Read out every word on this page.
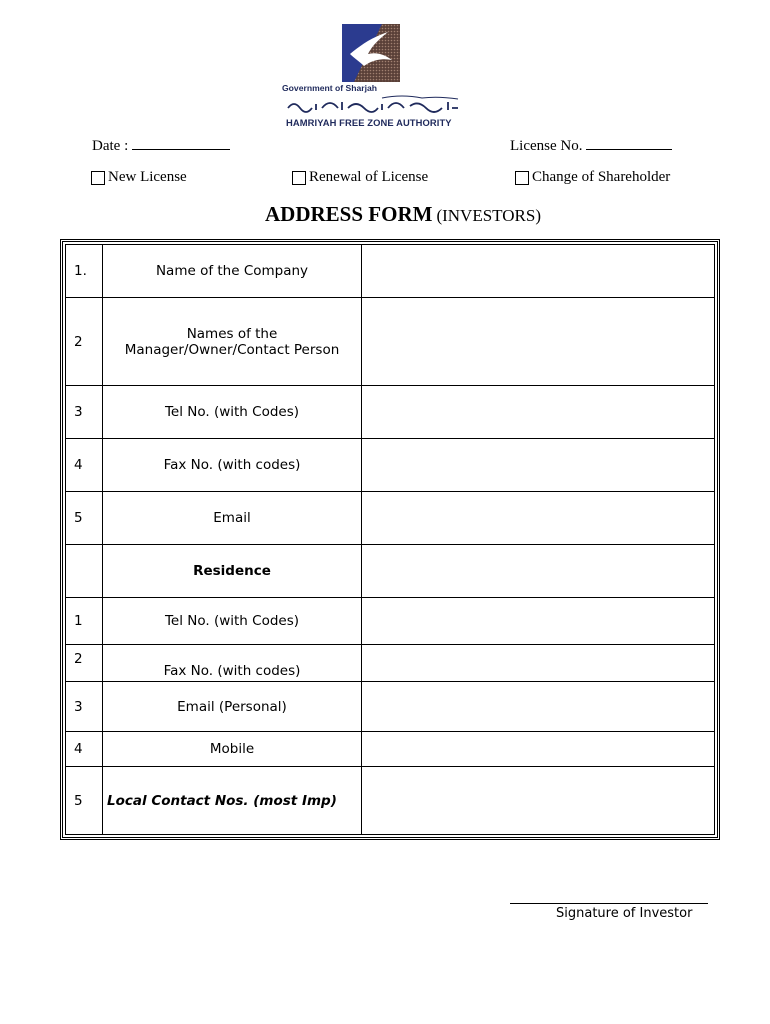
Government of Sharjah
HAMRIYAH FREE ZONE AUTHORITY
Date :	License No.
New License	Renewal of License	Change of Shareholder
ADDRESS FORM (INVESTORS)
1.	Name of the Company	
2	Names of the Manager/Owner/Contact Person	
3	Tel No. (with Codes)	
4	Fax No. (with codes)	
5	Email	
	Residence	
1	Tel No. (with Codes)	
2	Fax No. (with codes)	
3	Email (Personal)	
4	Mobile	
5	Local Contact Nos. (most Imp)	
Signature of Investor
